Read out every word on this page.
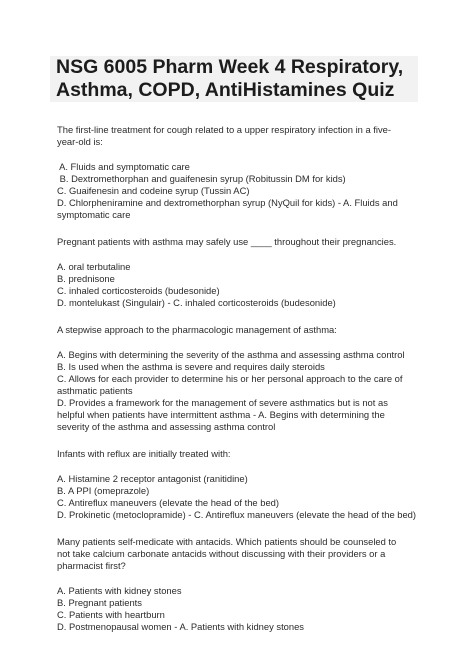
NSG 6005 Pharm Week 4 Respiratory,
Asthma, COPD, AntiHistamines Quiz
The first-line treatment for cough related to a upper respiratory infection in a five-
year-old is:
A. Fluids and symptomatic care
B. Dextromethorphan and guaifenesin syrup (Robitussin DM for kids)
C. Guaifenesin and codeine syrup (Tussin AC)
D. Chlorpheniramine and dextromethorphan syrup (NyQuil for kids) - A. Fluids and
symptomatic care
Pregnant patients with asthma may safely use ____ throughout their pregnancies.
A. oral terbutaline
B. prednisone
C. inhaled corticosteroids (budesonide)
D. montelukast (Singulair) - C. inhaled corticosteroids (budesonide)
A stepwise approach to the pharmacologic management of asthma:
A. Begins with determining the severity of the asthma and assessing asthma control
B. Is used when the asthma is severe and requires daily steroids
C. Allows for each provider to determine his or her personal approach to the care of
asthmatic patients
D. Provides a framework for the management of severe asthmatics but is not as
helpful when patients have intermittent asthma - A. Begins with determining the
severity of the asthma and assessing asthma control
Infants with reflux are initially treated with:
A. Histamine 2 receptor antagonist (ranitidine)
B. A PPI (omeprazole)
C. Antireflux maneuvers (elevate the head of the bed)
D. Prokinetic (metoclopramide) - C. Antireflux maneuvers (elevate the head of the bed)
Many patients self-medicate with antacids. Which patients should be counseled to
not take calcium carbonate antacids without discussing with their providers or a
pharmacist first?
A. Patients with kidney stones
B. Pregnant patients
C. Patients with heartburn
D. Postmenopausal women - A. Patients with kidney stones
